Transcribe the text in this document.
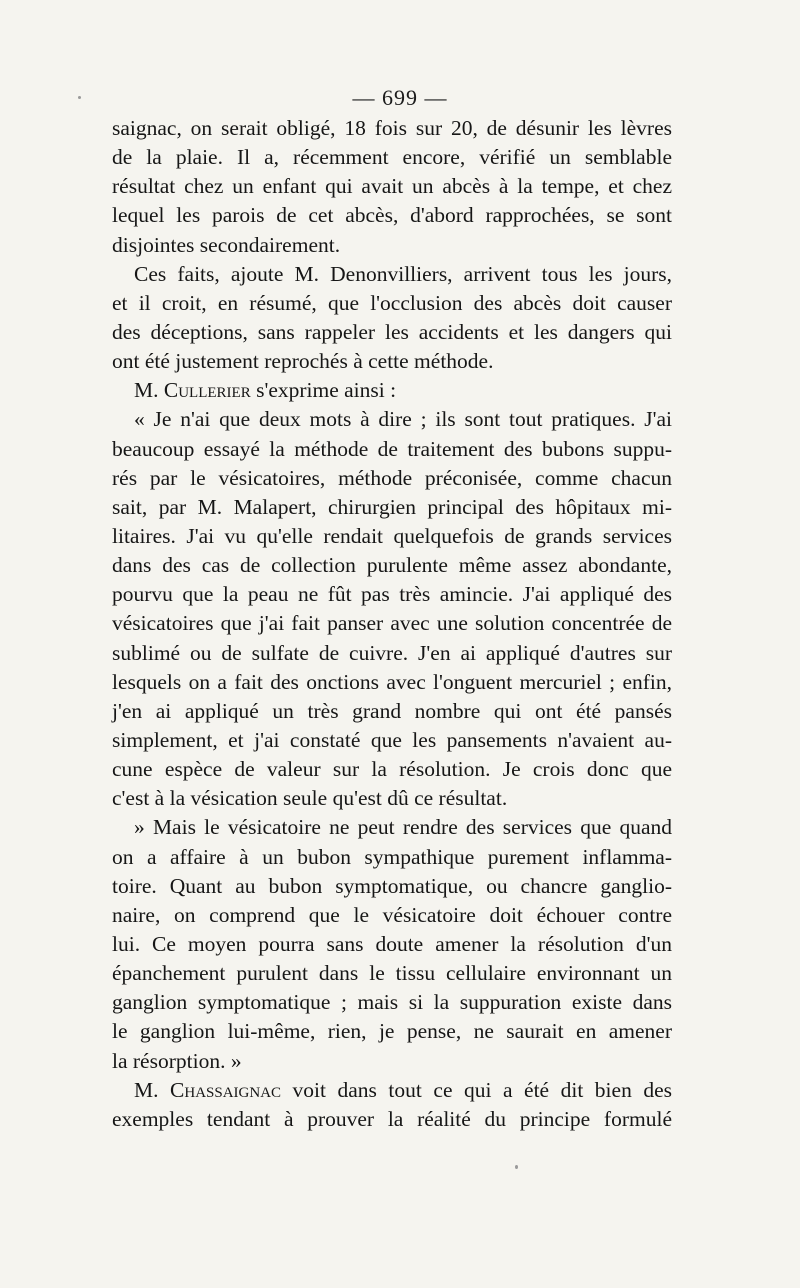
— 699 —
saignac, on serait obligé, 18 fois sur 20, de désunir les lèvres
de la plaie. Il a, récemment encore, vérifié un semblable
résultat chez un enfant qui avait un abcès à la tempe, et chez
lequel les parois de cet abcès, d'abord rapprochées, se sont
disjointes secondairement.
Ces faits, ajoute M. Denonvilliers, arrivent tous les jours,
et il croit, en résumé, que l'occlusion des abcès doit causer
des déceptions, sans rappeler les accidents et les dangers qui
ont été justement reprochés à cette méthode.
M. Cullerier s'exprime ainsi :
« Je n'ai que deux mots à dire ; ils sont tout pratiques. J'ai
beaucoup essayé la méthode de traitement des bubons suppu-
rés par le vésicatoires, méthode préconisée, comme chacun
sait, par M. Malapert, chirurgien principal des hôpitaux mi-
litaires. J'ai vu qu'elle rendait quelquefois de grands services
dans des cas de collection purulente même assez abondante,
pourvu que la peau ne fût pas très amincie. J'ai appliqué des
vésicatoires que j'ai fait panser avec une solution concentrée de
sublimé ou de sulfate de cuivre. J'en ai appliqué d'autres sur
lesquels on a fait des onctions avec l'onguent mercuriel ; enfin,
j'en ai appliqué un très grand nombre qui ont été pansés
simplement, et j'ai constaté que les pansements n'avaient au-
cune espèce de valeur sur la résolution. Je crois donc que
c'est à la vésication seule qu'est dû ce résultat.
» Mais le vésicatoire ne peut rendre des services que quand
on a affaire à un bubon sympathique purement inflamma-
toire. Quant au bubon symptomatique, ou chancre ganglio-
naire, on comprend que le vésicatoire doit échouer contre
lui. Ce moyen pourra sans doute amener la résolution d'un
épanchement purulent dans le tissu cellulaire environnant un
ganglion symptomatique ; mais si la suppuration existe dans
le ganglion lui-même, rien, je pense, ne saurait en amener
la résorption. »
M. Chassaignac voit dans tout ce qui a été dit bien des
exemples tendant à prouver la réalité du principe formulé
